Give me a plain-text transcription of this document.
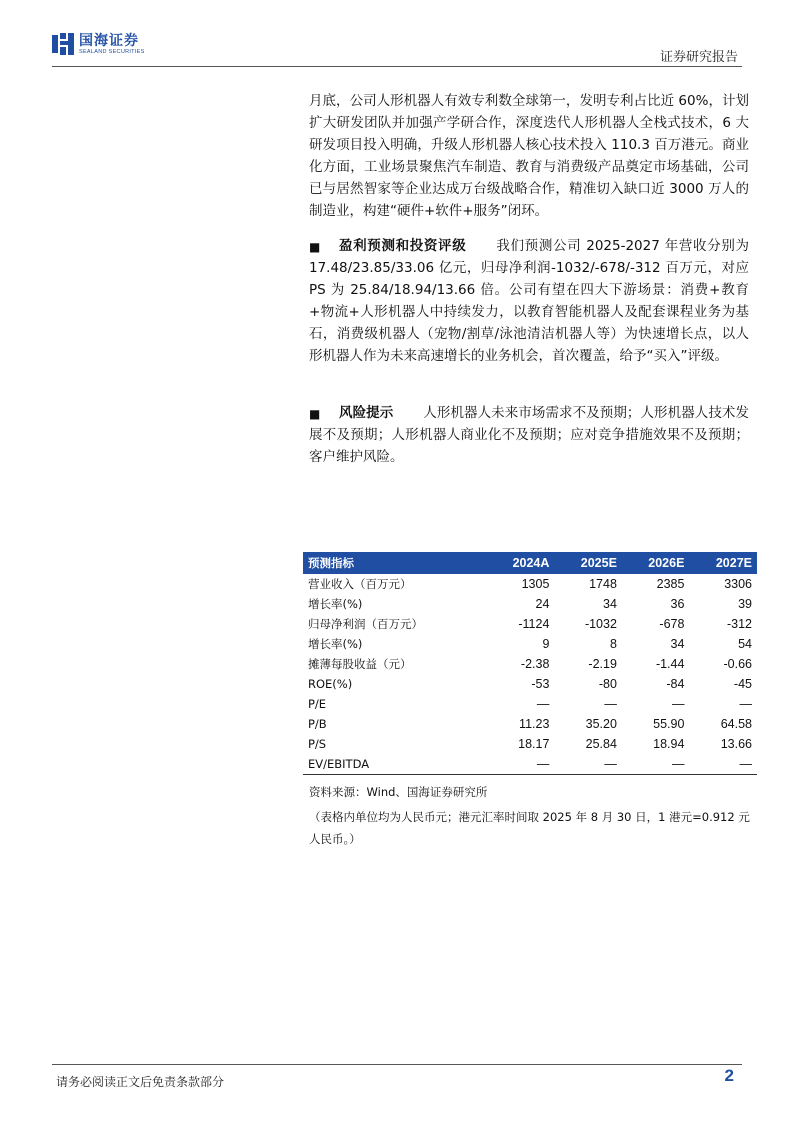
国海证券
SEALAND SECURITIES	证券研究报告
月底，公司人形机器人有效专利数全球第一，发明专利占比近 60%，计划扩大研发团队并加强产学研合作，深度迭代人形机器人全栈式技术，6 大研发项目投入明确，升级人形机器人核心技术投入 110.3 百万港元。商业化方面，工业场景聚焦汽车制造、教育与消费级产品奠定市场基础，公司已与居然智家等企业达成万台级战略合作，精准切入缺口近 3000 万人的制造业，构建“硬件+软件+服务”闭环。
■	盈利预测和投资评级 我们预测公司 2025-2027 年营收分别为 17.48/23.85/33.06 亿元，归母净利润-1032/-678/-312 百万元，对应 PS 为 25.84/18.94/13.66 倍。公司有望在四大下游场景：消费+教育+物流+人形机器人中持续发力，以教育智能机器人及配套课程业务为基石，消费级机器人（宠物/割草/泳池清洁机器人等）为快速增长点，以人形机器人作为未来高速增长的业务机会，首次覆盖，给予“买入”评级。
■	风险提示 人形机器人未来市场需求不及预期；人形机器人技术发展不及预期；人形机器人商业化不及预期；应对竞争措施效果不及预期；客户维护风险。
预测指标	2024A	2025E	2026E	2027E
营业收入（百万元）	1305	1748	2385	3306
增长率(%)	24	34	36	39
归母净利润（百万元）	-1124	-1032	-678	-312
增长率(%)	9	8	34	54
摊薄每股收益（元）	-2.38	-2.19	-1.44	-0.66
ROE(%)	-53	-80	-84	-45
P/E	—	—	—	—
P/B	11.23	35.20	55.90	64.58
P/S	18.17	25.84	18.94	13.66
EV/EBITDA	—	—	—	—
资料来源：Wind、国海证券研究所
（表格内单位均为人民币元；港元汇率时间取 2025 年 8 月 30 日，1 港元=0.912 元人民币。）
请务必阅读正文后免责条款部分	2
